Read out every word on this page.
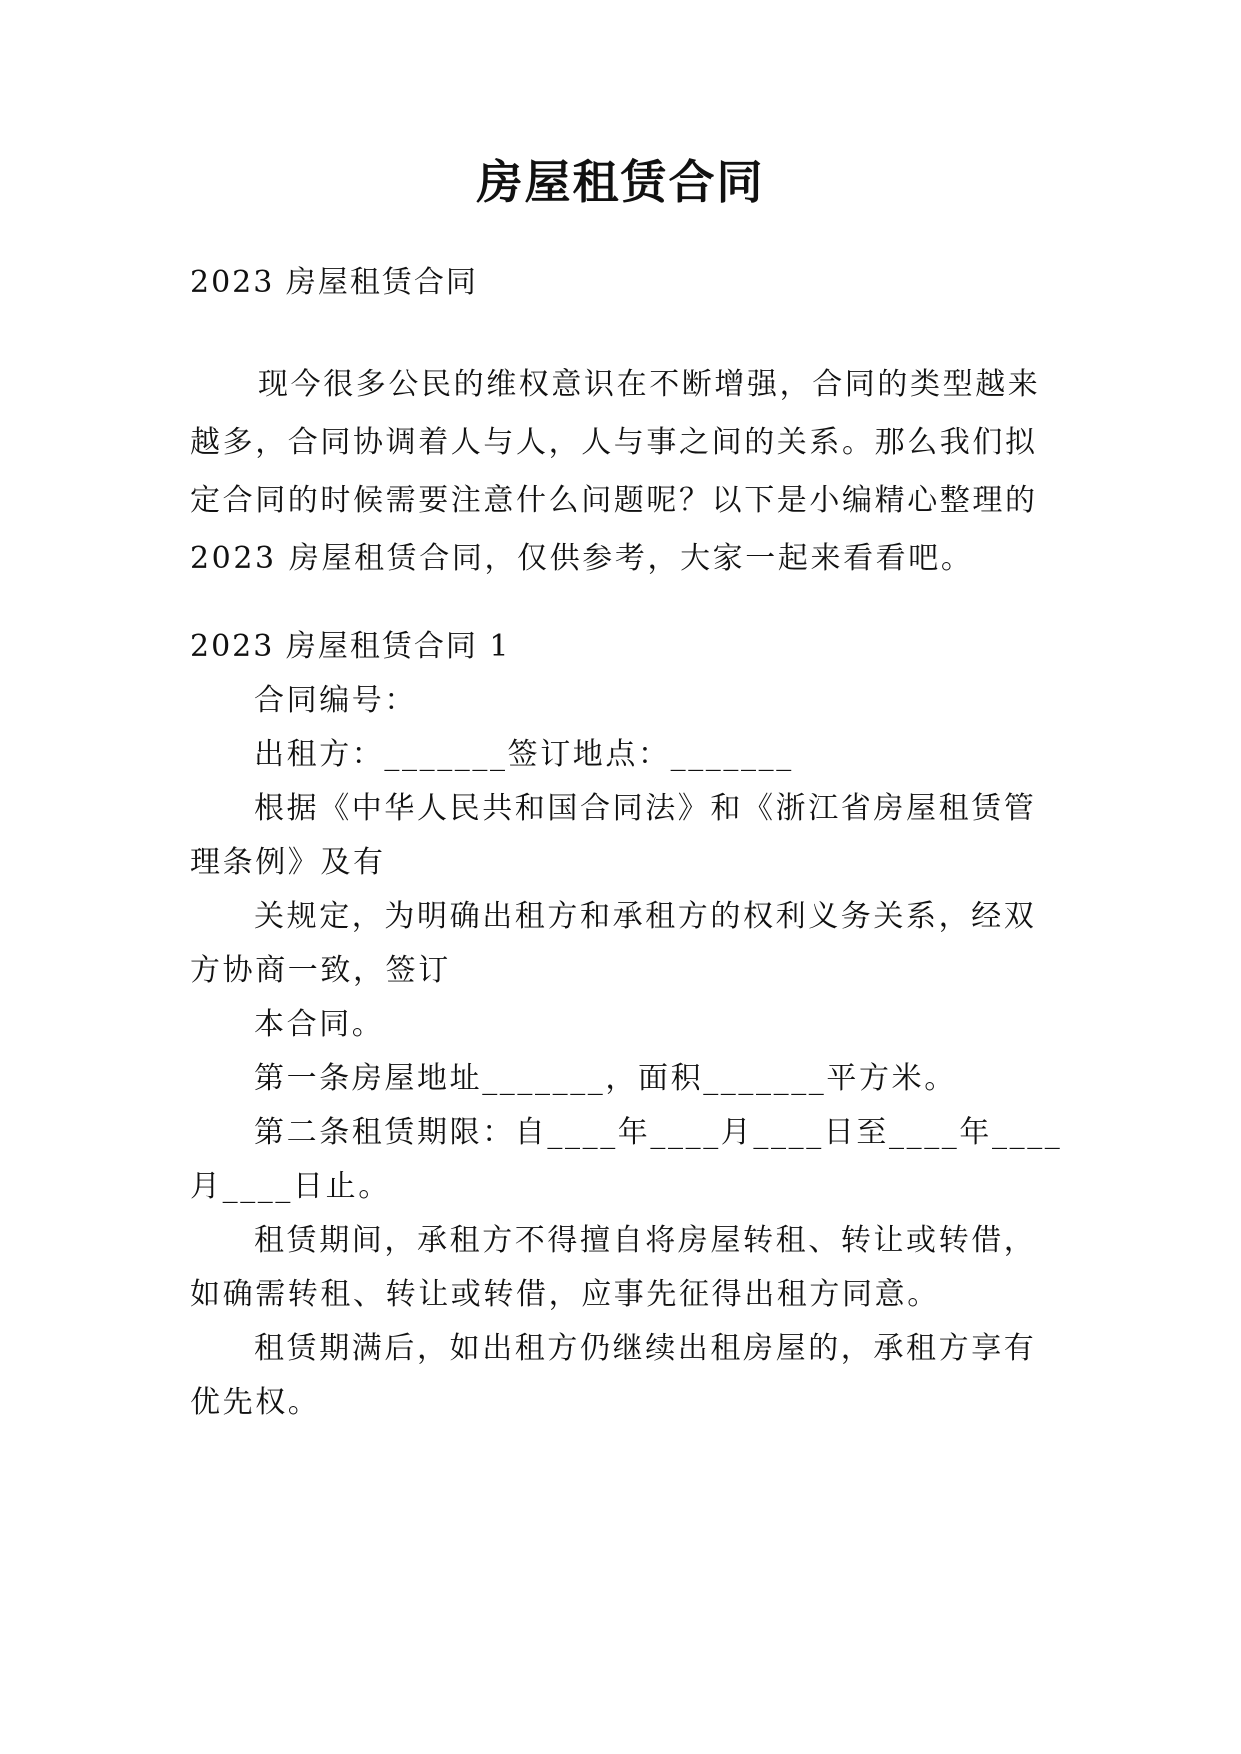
房屋租赁合同
2023 房屋租赁合同

现今很多公民的维权意识在不断增强，合同的类型越来越多，合同协调着人与人，人与事之间的关系。那么我们拟定合同的时候需要注意什么问题呢？以下是小编精心整理的 2023 房屋租赁合同，仅供参考，大家一起来看看吧。

2023 房屋租赁合同 1
合同编号：
出租方：_______签订地点：_______
根据《中华人民共和国合同法》和《浙江省房屋租赁管
理条例》及有
关规定，为明确出租方和承租方的权利义务关系，经双
方协商一致，签订
本合同。
第一条房屋地址_______，面积_______平方米。
第二条租赁期限：自____年____月____日至____年____
月____日止。
租赁期间，承租方不得擅自将房屋转租、转让或转借，
如确需转租、转让或转借，应事先征得出租方同意。
租赁期满后，如出租方仍继续出租房屋的，承租方享有
优先权。
